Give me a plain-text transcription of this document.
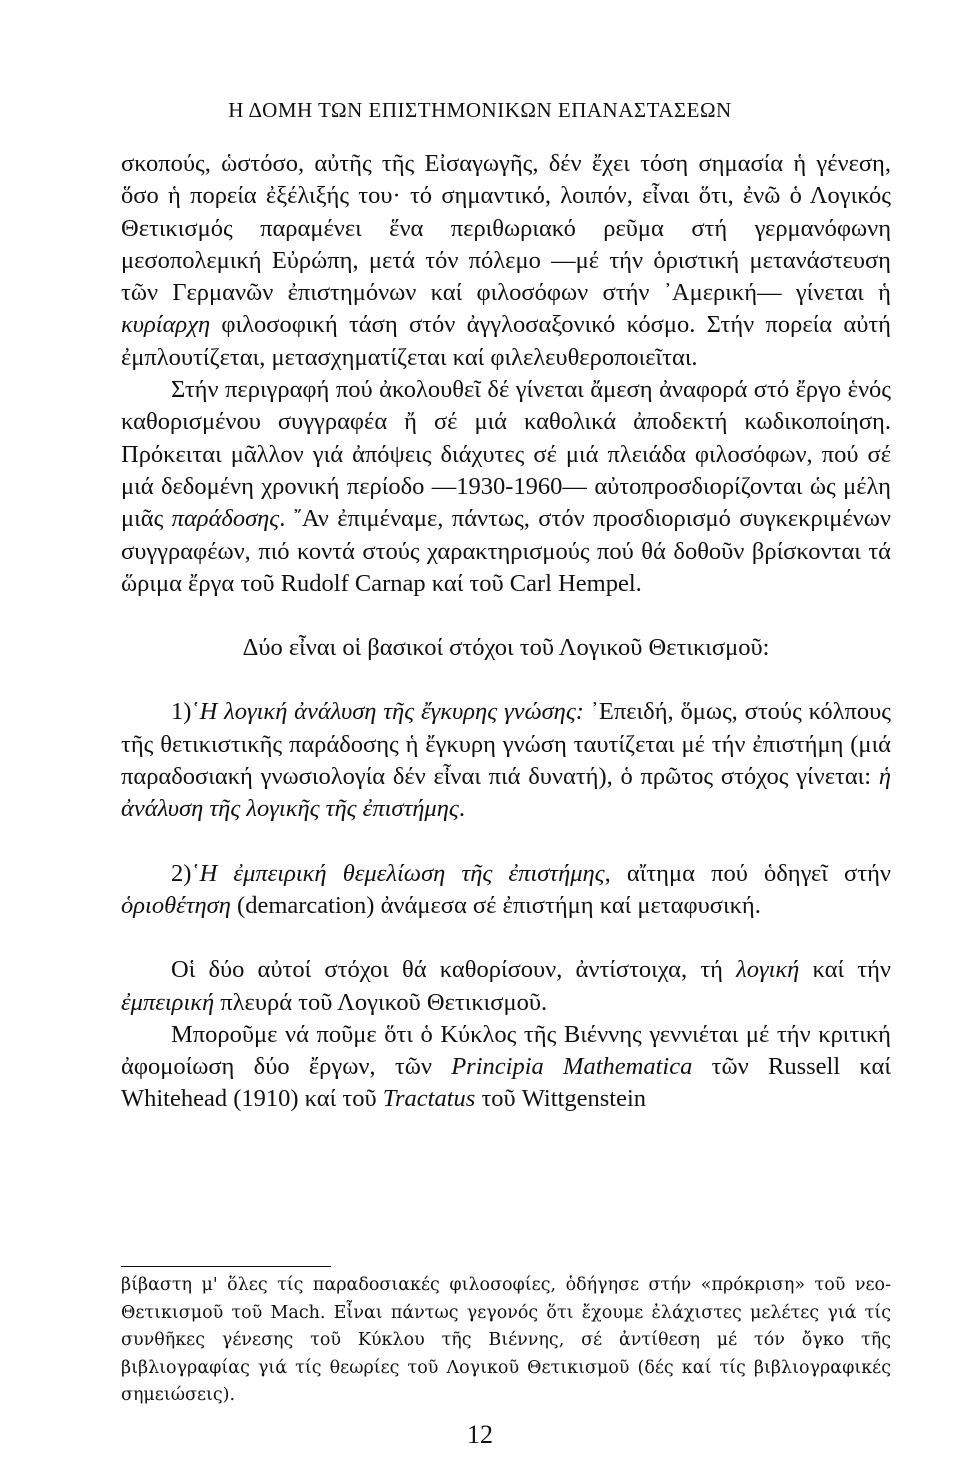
Η ΔΟΜΗ ΤΩΝ ΕΠΙΣΤΗΜΟΝΙΚΩΝ ΕΠΑΝΑΣΤΑΣΕΩΝ

σκοπούς, ὡστόσο, αὐτῆς τῆς Εἰσαγωγῆς, δέν ἔχει τόση σημασία ἡ γένεση, ὅσο ἡ πορεία ἐξέλιξής του· τό σημαντικό, λοιπόν, εἶναι ὅτι, ἐνῶ ὁ Λογικός Θετικισμός παραμένει ἕνα περιθωριακό ρεῦμα στή γερμανόφωνη μεσοπολεμική Εὐρώπη, μετά τόν πόλεμο —μέ τήν ὁριστική μετανάστευση τῶν Γερμανῶν ἐπιστημόνων καί φιλοσόφων στήν ᾿Αμερική— γίνεται ἡ κυρίαρχη φιλοσοφική τάση στόν ἀγγλοσαξονικό κόσμο. Στήν πορεία αὐτή ἐμπλουτίζεται, μετασχηματίζεται καί φιλελευθεροποιεῖται.

Στήν περιγραφή πού ἀκολουθεῖ δέ γίνεται ἄμεση ἀναφορά στό ἔργο ἑνός καθορισμένου συγγραφέα ἤ σέ μιά καθολικά ἀποδεκτή κωδικοποίηση. Πρόκειται μᾶλλον γιά ἀπόψεις διάχυτες σέ μιά πλειάδα φιλοσόφων, πού σέ μιά δεδομένη χρονική περίοδο —1930-1960— αὐτοπροσδιορίζονται ὡς μέλη μιᾶς παράδοσης. ῎Αν ἐπιμέναμε, πάντως, στόν προσδιορισμό συγκεκριμένων συγγραφέων, πιό κοντά στούς χαρακτηρισμούς πού θά δοθοῦν βρίσκονται τά ὥριμα ἔργα τοῦ Rudolf Carnap καί τοῦ Carl Hempel.

Δύο εἶναι οἱ βασικοί στόχοι τοῦ Λογικοῦ Θετικισμοῦ:

1)῾Η λογική ἀνάλυση τῆς ἔγκυρης γνώσης: ᾿Επειδή, ὅμως, στούς κόλπους τῆς θετικιστικῆς παράδοσης ἡ ἔγκυρη γνώση ταυτίζεται μέ τήν ἐπιστήμη (μιά παραδοσιακή γνωσιολογία δέν εἶναι πιά δυνατή), ὁ πρῶτος στόχος γίνεται: ἡ ἀνάλυση τῆς λογικῆς τῆς ἐπιστήμης.

2)῾Η ἐμπειρική θεμελίωση τῆς ἐπιστήμης, αἴτημα πού ὁδηγεῖ στήν ὁριοθέτηση (demarcation) ἀνάμεσα σέ ἐπιστήμη καί μεταφυσική.

Οἱ δύο αὐτοί στόχοι θά καθορίσουν, ἀντίστοιχα, τή λογική καί τήν ἐμπειρική πλευρά τοῦ Λογικοῦ Θετικισμοῦ.

Μποροῦμε νά ποῦμε ὅτι ὁ Κύκλος τῆς Βιέννης γεννιέται μέ τήν κριτική ἀφομοίωση δύο ἔργων, τῶν Principia Mathematica τῶν Russell καί Whitehead (1910) καί τοῦ Tractatus τοῦ Wittgenstein

βίβαστη μ' ὅλες τίς παραδοσιακές φιλοσοφίες, ὁδήγησε στήν «πρόκριση» τοῦ νεο-Θετικισμοῦ τοῦ Mach. Εἶναι πάντως γεγονός ὅτι ἔχουμε ἐλάχιστες μελέτες γιά τίς συνθῆκες γένεσης τοῦ Κύκλου τῆς Βιέννης, σέ ἀντίθεση μέ τόν ὄγκο τῆς βιβλιογραφίας γιά τίς θεωρίες τοῦ Λογικοῦ Θετικισμοῦ (δές καί τίς βιβλιογραφικές σημειώσεις).

12
